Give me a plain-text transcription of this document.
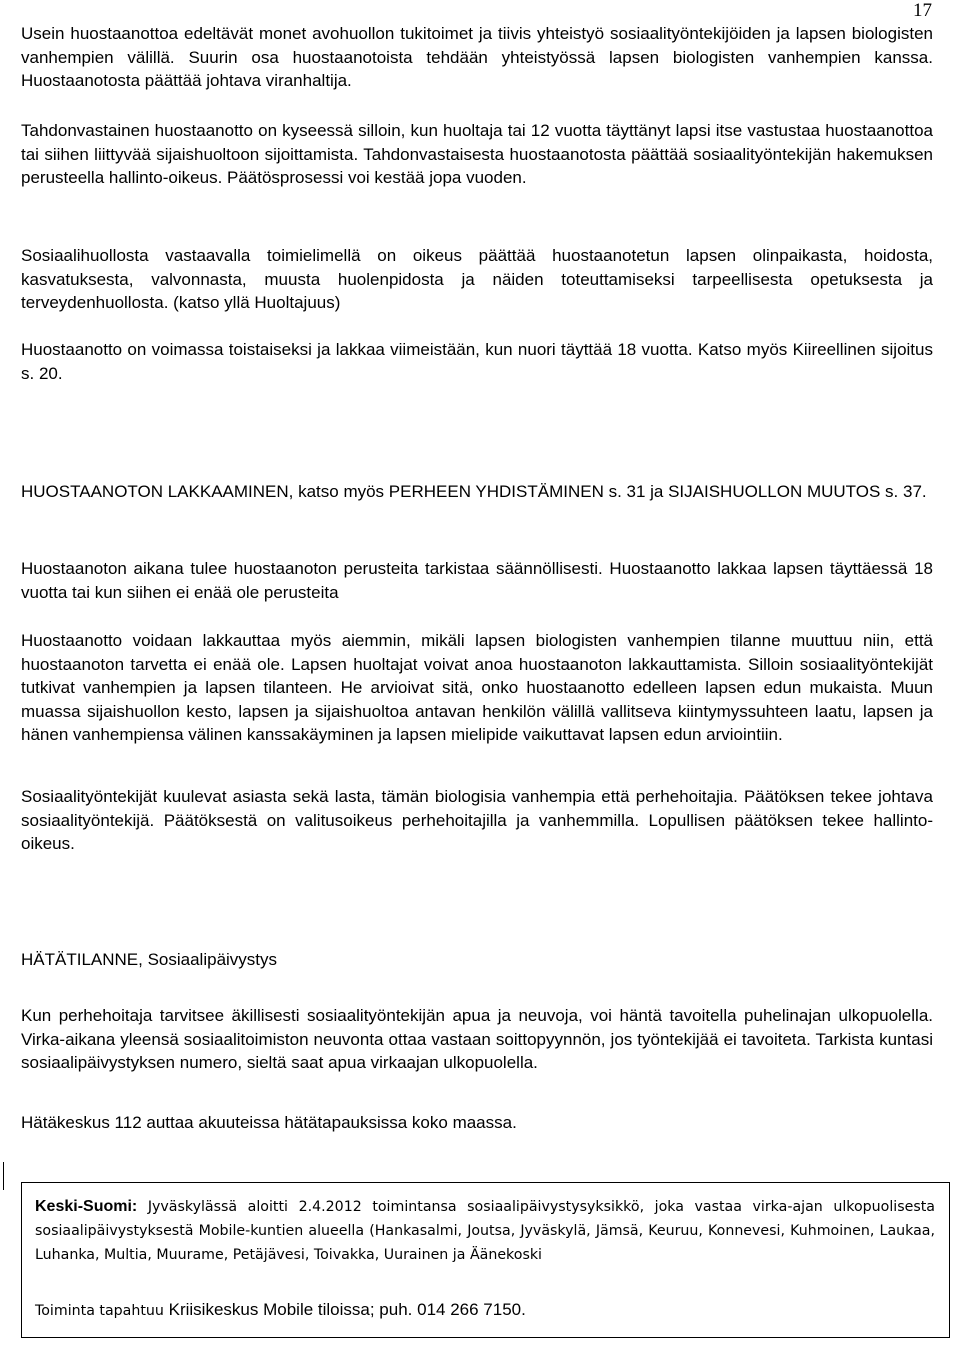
17

Usein huostaanottoa edeltävät monet avohuollon tukitoimet ja tiivis yhteistyö sosiaalityöntekijöiden ja lapsen biologisten vanhempien välillä. Suurin osa huostaanotoista tehdään yhteistyössä lapsen biologisten vanhempien kanssa. Huostaanotosta päättää johtava viranhaltija.

Tahdonvastainen huostaanotto on kyseessä silloin, kun huoltaja tai 12 vuotta täyttänyt lapsi itse vastustaa huostaanottoa tai siihen liittyvää sijaishuoltoon sijoittamista. Tahdonvastaisesta huostaanotosta päättää sosiaalityöntekijän hakemuksen perusteella hallinto-oikeus. Päätösprosessi voi kestää jopa vuoden.

Sosiaalihuollosta vastaavalla toimielimellä on oikeus päättää huostaanotetun lapsen olinpaikasta, hoidosta, kasvatuksesta, valvonnasta, muusta huolenpidosta ja näiden toteuttamiseksi tarpeellisesta opetuksesta ja terveydenhuollosta. (katso yllä Huoltajuus)

Huostaanotto on voimassa toistaiseksi ja lakkaa viimeistään, kun nuori täyttää 18 vuotta. Katso myös Kiireellinen sijoitus s. 20.

HUOSTAANOTON LAKKAAMINEN, katso myös PERHEEN YHDISTÄMINEN s. 31 ja SIJAISHUOLLON MUUTOS s. 37.

Huostaanoton aikana tulee huostaanoton perusteita tarkistaa säännöllisesti. Huostaanotto lakkaa lapsen täyttäessä 18 vuotta tai kun siihen ei enää ole perusteita

Huostaanotto voidaan lakkauttaa myös aiemmin, mikäli lapsen biologisten vanhempien tilanne muuttuu niin, että huostaanoton tarvetta ei enää ole. Lapsen huoltajat voivat anoa huostaanoton lakkauttamista. Silloin sosiaalityöntekijät tutkivat vanhempien ja lapsen tilanteen. He arvioivat sitä, onko huostaanotto edelleen lapsen edun mukaista. Muun muassa sijaishuollon kesto, lapsen ja sijaishuoltoa antavan henkilön välillä vallitseva kiintymyssuhteen laatu, lapsen ja hänen vanhempiensa välinen kanssakäyminen ja lapsen mielipide vaikuttavat lapsen edun arviointiin.

Sosiaalityöntekijät kuulevat asiasta sekä lasta, tämän biologisia vanhempia että perhehoitajia. Päätöksen tekee johtava sosiaalityöntekijä. Päätöksestä on valitusoikeus perhehoitajilla ja vanhemmilla. Lopullisen päätöksen tekee hallinto-oikeus.

HÄTÄTILANNE, Sosiaalipäivystys

Kun perhehoitaja tarvitsee äkillisesti sosiaalityöntekijän apua ja neuvoja, voi häntä tavoitella puhelinajan ulkopuolella. Virka-aikana yleensä sosiaalitoimiston neuvonta ottaa vastaan soittopyynnön, jos työntekijää ei tavoiteta. Tarkista kuntasi sosiaalipäivystyksen numero, sieltä saat apua virkaajan ulkopuolella.

Hätäkeskus 112 auttaa akuuteissa hätätapauksissa koko maassa.

Keski-Suomi: Jyväskylässä aloitti 2.4.2012 toimintansa sosiaalipäivystysyksikkö, joka vastaa virka-ajan ulkopuolisesta sosiaalipäivystyksestä Mobile-kuntien alueella (Hankasalmi, Joutsa, Jyväskylä, Jämsä, Keuruu, Konnevesi, Kuhmoinen, Laukaa, Luhanka, Multia, Muurame, Petäjävesi, Toivakka, Uurainen ja Äänekoski
Toiminta tapahtuu Kriisikeskus Mobile tiloissa; puh. 014 266 7150.
